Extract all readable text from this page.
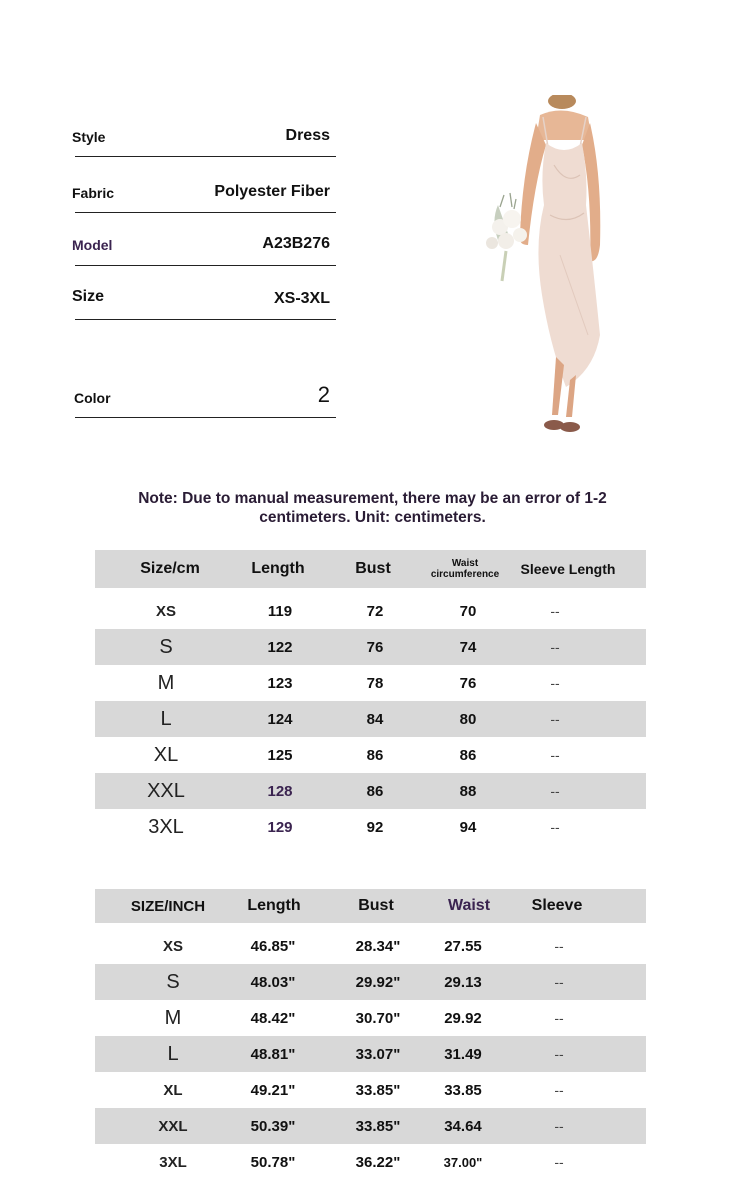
Style	Dress
Fabric	Polyester Fiber
Model	A23B276
Size	XS-3XL
Color	2
Note: Due to manual measurement, there may be an error of 1-2 centimeters. Unit: centimeters.
Size/cm	Length	Bust	Waist circumference	Sleeve Length
XS	119	72	70	--
S	122	76	74	--
M	123	78	76	--
L	124	84	80	--
XL	125	86	86	--
XXL	128	86	88	--
3XL	129	92	94	--
SIZE/INCH	Length	Bust	Waist	Sleeve
XS	46.85"	28.34"	27.55	--
S	48.03"	29.92"	29.13	--
M	48.42"	30.70"	29.92	--
L	48.81"	33.07"	31.49	--
XL	49.21"	33.85"	33.85	--
XXL	50.39"	33.85"	34.64	--
3XL	50.78"	36.22"	37.00"	--
